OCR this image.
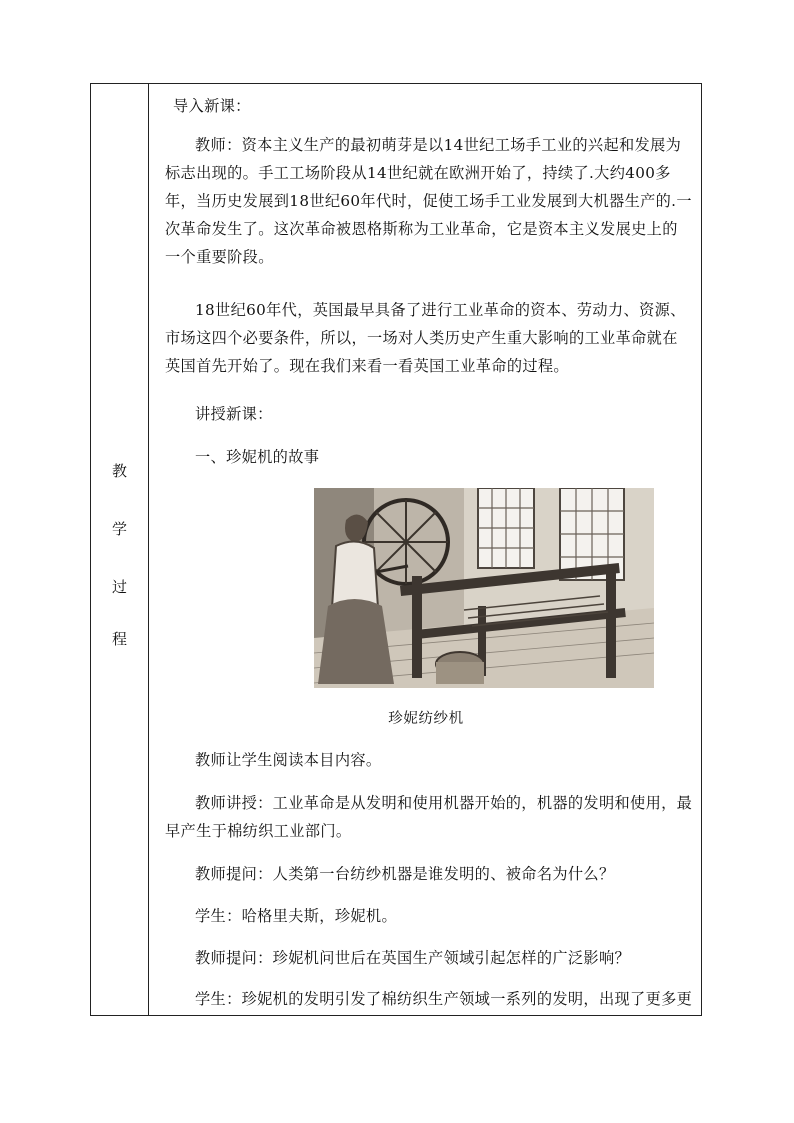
教
学
过
程
导入新课：

教师：资本主义生产的最初萌芽是以14世纪工场手工业的兴起和发展为标志出现的。手工工场阶段从14世纪就在欧洲开始了，持续了.大约400多年，当历史发展到18世纪60年代时，促使工场手工业发展到大机器生产的.一次革命发生了。这次革命被恩格斯称为工业革命，它是资本主义发展史上的一个重要阶段。

18世纪60年代，英国最早具备了进行工业革命的资本、劳动力、资源、市场这四个必要条件，所以，一场对人类历史产生重大影响的工业革命就在英国首先开始了。现在我们来看一看英国工业革命的过程。

讲授新课：
一、珍妮机的故事
珍妮纺纱机

教师让学生阅读本目内容。

教师讲授：工业革命是从发明和使用机器开始的，机器的发明和使用，最早产生于棉纺织工业部门。

教师提问：人类第一台纺纱机器是谁发明的、被命名为什么？

学生：哈格里夫斯，珍妮机。

教师提问：珍妮机问世后在英国生产领域引起怎样的广泛影响？

学生：珍妮机的发明引发了棉纺织生产领域一系列的发明，出现了更多更
